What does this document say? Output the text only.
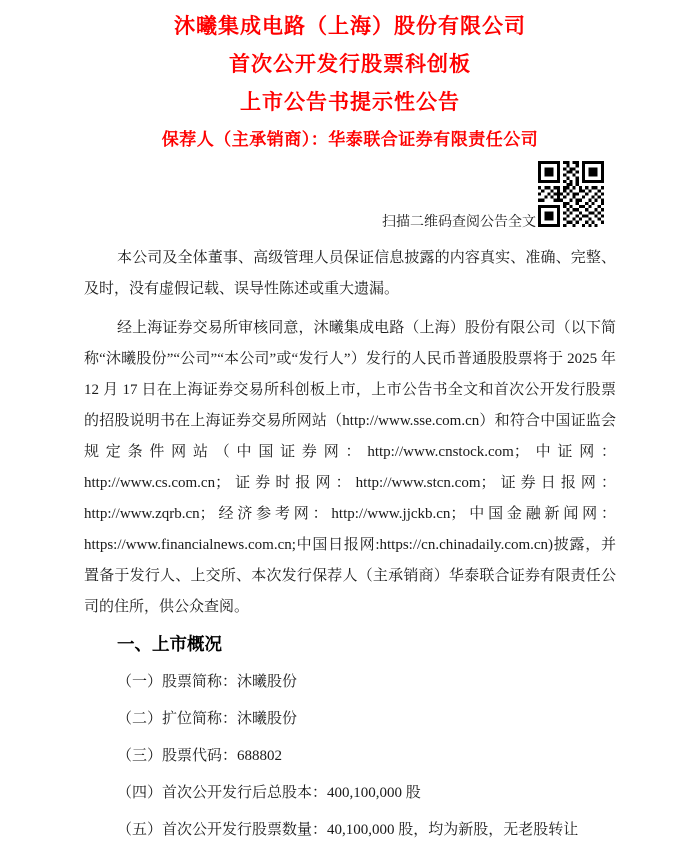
沐曦集成电路（上海）股份有限公司
首次公开发行股票科创板
上市公告书提示性公告
保荐人（主承销商）：华泰联合证券有限责任公司
扫描二维码查阅公告全文

本公司及全体董事、高级管理人员保证信息披露的内容真实、准确、完整、及时，没有虚假记载、误导性陈述或重大遗漏。

经上海证券交易所审核同意，沐曦集成电路（上海）股份有限公司（以下简称“沐曦股份”“公司”“本公司”或“发行人”）发行的人民币普通股股票将于 2025 年 12 月 17 日在上海证券交易所科创板上市，上市公告书全文和首次公开发行股票的招股说明书在上海证券交易所网站（http://www.sse.com.cn）和符合中国证监会规定条件网站（中国证券网：http://www.cnstock.com；中证网：http://www.cs.com.cn；证券时报网：http://www.stcn.com；证券日报网：http://www.zqrb.cn；经济参考网：http://www.jjckb.cn；中国金融新闻网：https://www.financialnews.com.cn;中国日报网:https://cn.chinadaily.com.cn)披露，并置备于发行人、上交所、本次发行保荐人（主承销商）华泰联合证券有限责任公司的住所，供公众查阅。

一、上市概况
（一）股票简称：沐曦股份
（二）扩位简称：沐曦股份
（三）股票代码：688802
（四）首次公开发行后总股本：400,100,000 股
（五）首次公开发行股票数量：40,100,000 股，均为新股，无老股转让
